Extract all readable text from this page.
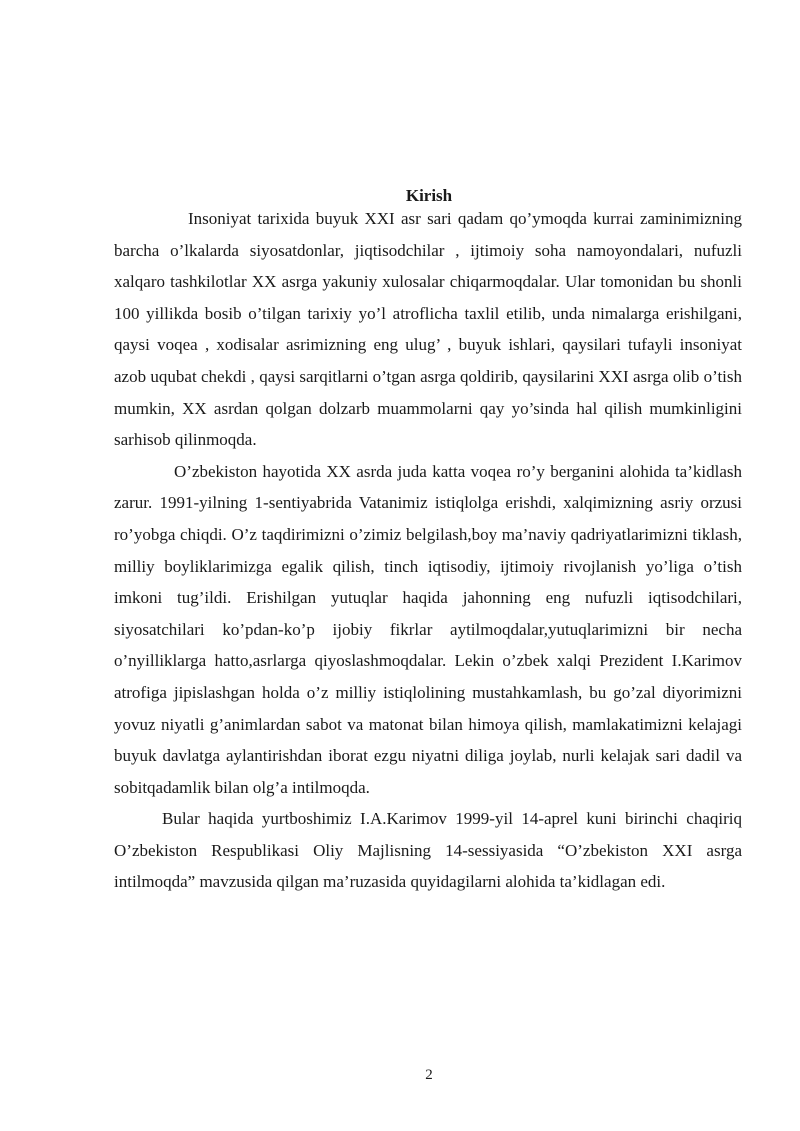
Kirish

Insoniyat tarixida buyuk XXI asr sari qadam qo’ymoqda kurrai zaminimizning barcha o’lkalarda siyosatdonlar, jiqtisodchilar , ijtimoiy soha namoyondalari, nufuzli xalqaro tashkilotlar XX asrga yakuniy xulosalar chiqarmoqdalar. Ular tomonidan bu shonli 100 yillikda bosib o’tilgan tarixiy yo’l atroflicha taxlil etilib, unda nimalarga erishilgani, qaysi voqea , xodisalar asrimizning eng ulug’ , buyuk ishlari, qaysilari tufayli insoniyat azob uqubat chekdi , qaysi sarqitlarni o’tgan asrga qoldirib, qaysilarini XXI asrga olib o’tish mumkin, XX asrdan qolgan dolzarb muammolarni qay yo’sinda hal qilish mumkinligini sarhisob qilinmoqda.

O’zbekiston hayotida XX asrda juda katta voqea ro’y berganini alohida ta’kidlash zarur. 1991-yilning 1-sentiyabrida Vatanimiz istiqlolga erishdi, xalqimizning asriy orzusi ro’yobga chiqdi. O’z taqdirimizni o’zimiz belgilash,boy ma’naviy qadriyatlarimizni tiklash, milliy boyliklarimizga egalik qilish, tinch iqtisodiy, ijtimoiy rivojlanish yo’liga o’tish imkoni tug’ildi. Erishilgan yutuqlar haqida jahonning eng nufuzli iqtisodchilari, siyosatchilari ko’pdan-ko’p ijobiy fikrlar aytilmoqdalar,yutuqlarimizni bir necha o’nyilliklarga hatto,asrlarga qiyoslashmoqdalar. Lekin o’zbek xalqi Prezident I.Karimov atrofiga jipislashgan holda o’z milliy istiqlolining mustahkamlash, bu go’zal diyorimizni yovuz niyatli g’animlardan sabot va matonat bilan himoya qilish, mamlakatimizni kelajagi buyuk davlatga aylantirishdan iborat ezgu niyatni diliga joylab, nurli kelajak sari dadil va sobitqadamlik bilan olg’a intilmoqda.

Bular haqida yurtboshimiz I.A.Karimov 1999-yil 14-aprel kuni birinchi chaqiriq O’zbekiston Respublikasi Oliy Majlisning 14-sessiyasida “O’zbekiston XXI asrga intilmoqda” mavzusida qilgan ma’ruzasida quyidagilarni alohida ta’kidlagan edi.

2
